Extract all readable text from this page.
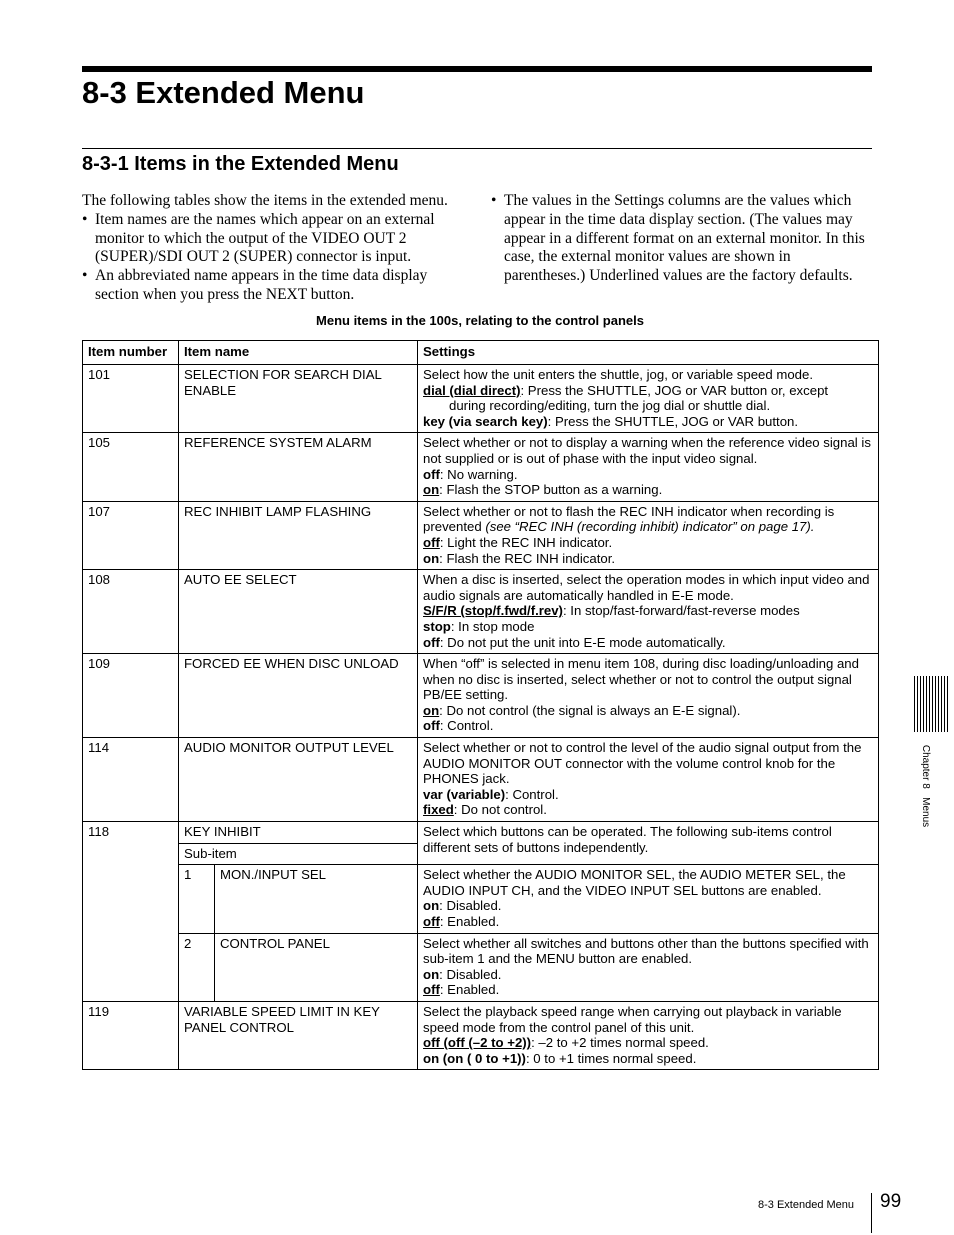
8-3 Extended Menu
8-3-1 Items in the Extended Menu

The following tables show the items in the extended menu.

• Item names are the names which appear on an external monitor to which the output of the VIDEO OUT 2 (SUPER)/SDI OUT 2 (SUPER) connector is input.
• An abbreviated name appears in the time data display section when you press the NEXT button.
• The values in the Settings columns are the values which appear in the time data display section. (The values may appear in a different format on an external monitor. In this case, the external monitor values are shown in parentheses.) Underlined values are the factory defaults.
Menu items in the 100s, relating to the control panels
Item number	Item name		Settings
101	SELECTION FOR SEARCH DIAL ENABLE		Select how the unit enters the shuttle, jog, or variable speed mode.
dial (dial direct): Press the SHUTTLE, JOG or VAR button or, except
during recording/editing, turn the jog dial or shuttle dial.
key (via search key): Press the SHUTTLE, JOG or VAR button.

105	REFERENCE SYSTEM ALARM		Select whether or not to display a warning when the reference video signal is not supplied or is out of phase with the input video signal.
off: No warning.
on: Flash the STOP button as a warning.

107	REC INHIBIT LAMP FLASHING		Select whether or not to flash the REC INH indicator when recording is prevented (see “REC INH (recording inhibit) indicator” on page 17).
off: Light the REC INH indicator.
on: Flash the REC INH indicator.

108	AUTO EE SELECT		When a disc is inserted, select the operation modes in which input video and audio signals are automatically handled in E-E mode.
S/F/R (stop/f.fwd/f.rev): In stop/fast-forward/fast-reverse modes
stop: In stop mode
off: Do not put the unit into E-E mode automatically.

109	FORCED EE WHEN DISC UNLOAD		When “off” is selected in menu item 108, during disc loading/unloading and when no disc is inserted, select whether or not to control the output signal PB/EE setting.
on: Do not control (the signal is always an E-E signal).
off: Control.

114	AUDIO MONITOR OUTPUT LEVEL		Select whether or not to control the level of the audio signal output from the AUDIO MONITOR OUT connector with the volume control knob for the PHONES jack.
var (variable): Control.
fixed: Do not control.

118	KEY INHIBIT		Select which buttons can be operated. The following sub-items control different sets of buttons independently.

	Sub-item		
	1	MON./INPUT SEL	Select whether the AUDIO MONITOR SEL, the AUDIO METER SEL, the AUDIO INPUT CH, and the VIDEO INPUT SEL buttons are enabled.
on: Disabled.
off: Enabled.

	2	CONTROL PANEL	Select whether all switches and buttons other than the buttons specified with sub-item 1 and the MENU button are enabled.
on: Disabled.
off: Enabled.

119	VARIABLE SPEED LIMIT IN KEY PANEL CONTROL		Select the playback speed range when carrying out playback in variable speed mode from the control panel of this unit.
off (off (–2 to +2)): –2 to +2 times normal speed.
on (on ( 0 to +1)): 0 to +1 times normal speed.
Chapter 8   Menus
8-3 Extended Menu 99
